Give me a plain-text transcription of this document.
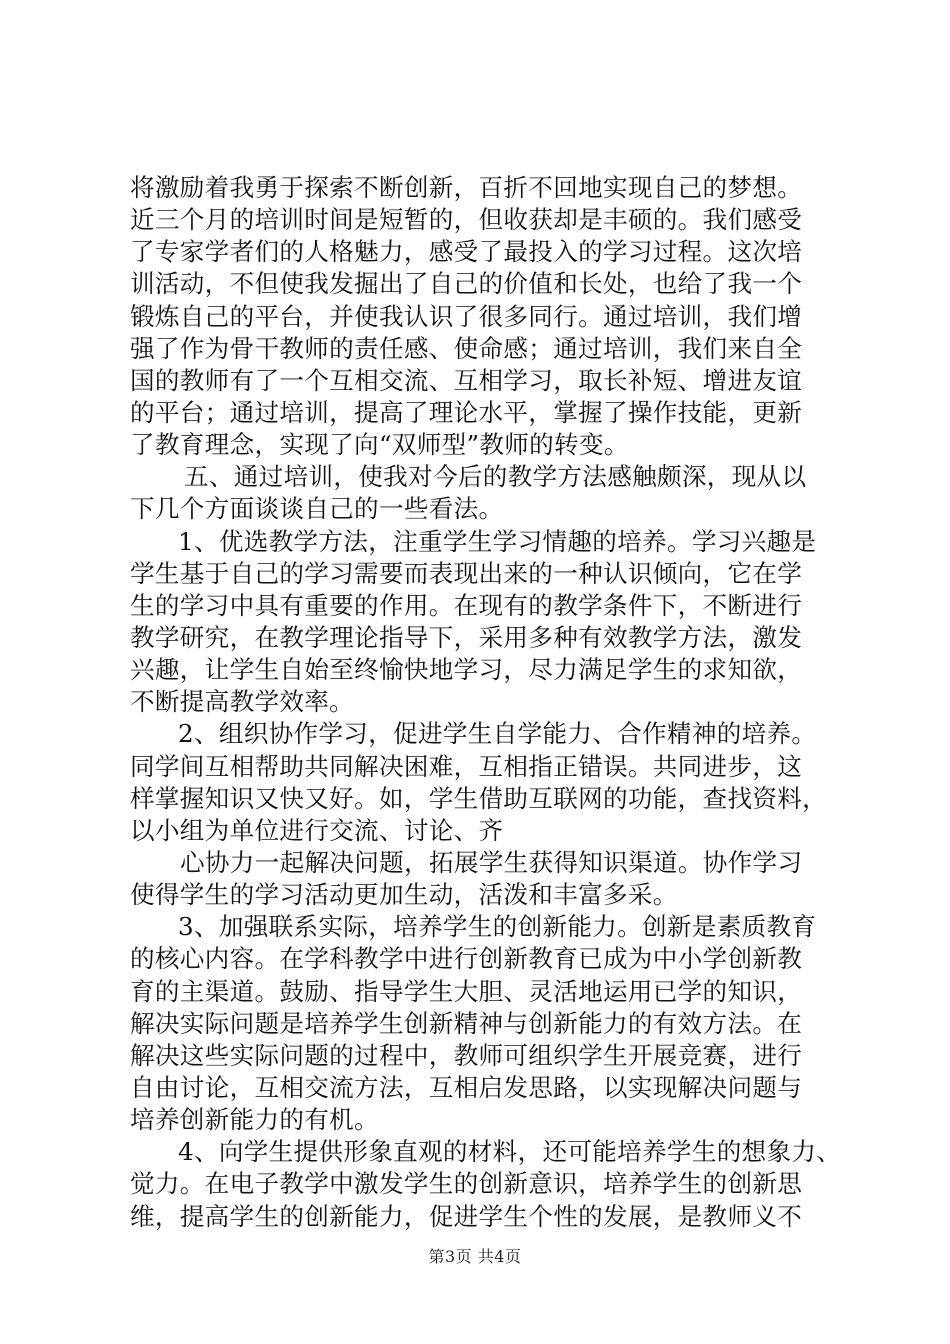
将激励着我勇于探索不断创新，百折不回地实现自己的梦想。
近三个月的培训时间是短暂的，但收获却是丰硕的。我们感受
了专家学者们的人格魅力，感受了最投入的学习过程。这次培
训活动，不但使我发掘出了自己的价值和长处，也给了我一个
锻炼自己的平台，并使我认识了很多同行。通过培训，我们增
强了作为骨干教师的责任感、使命感；通过培训，我们来自全
国的教师有了一个互相交流、互相学习，取长补短、增进友谊
的平台；通过培训，提高了理论水平，掌握了操作技能，更新
了教育理念，实现了向“双师型”教师的转变。
五、通过培训，使我对今后的教学方法感触颇深，现从以
下几个方面谈谈自己的一些看法。
1、优选教学方法，注重学生学习情趣的培养。学习兴趣是
学生基于自己的学习需要而表现出来的一种认识倾向，它在学
生的学习中具有重要的作用。在现有的教学条件下，不断进行
教学研究，在教学理论指导下，采用多种有效教学方法，激发
兴趣，让学生自始至终愉快地学习，尽力满足学生的求知欲，
不断提高教学效率。
2、组织协作学习，促进学生自学能力、合作精神的培养。
同学间互相帮助共同解决困难，互相指正错误。共同进步，这
样掌握知识又快又好。如，学生借助互联网的功能，查找资料，
以小组为单位进行交流、讨论、齐
心协力一起解决问题，拓展学生获得知识渠道。协作学习
使得学生的学习活动更加生动，活泼和丰富多采。
3、加强联系实际，培养学生的创新能力。创新是素质教育
的核心内容。在学科教学中进行创新教育已成为中小学创新教
育的主渠道。鼓励、指导学生大胆、灵活地运用已学的知识，
解决实际问题是培养学生创新精神与创新能力的有效方法。在
解决这些实际问题的过程中，教师可组织学生开展竞赛，进行
自由讨论，互相交流方法，互相启发思路，以实现解决问题与
培养创新能力的有机。
4、向学生提供形象直观的材料，还可能培养学生的想象力、
觉力。在电子教学中激发学生的创新意识，培养学生的创新思
维，提高学生的创新能力，促进学生个性的发展，是教师义不
第3页 共4页
